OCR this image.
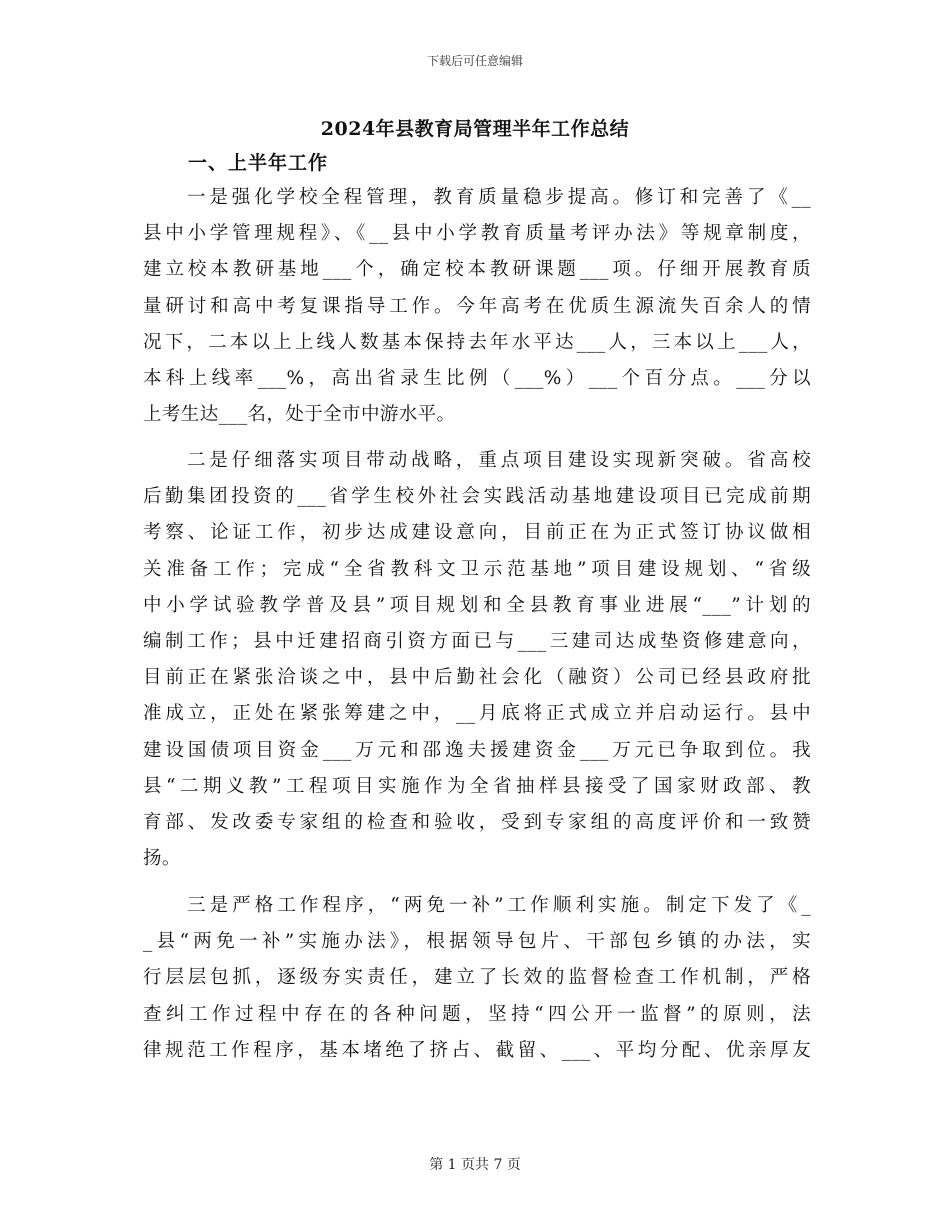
下载后可任意编辑
2024年县教育局管理半年工作总结
一、上半年工作

一是强化学校全程管理，教育质量稳步提高。修订和完善了《__
县中小学管理规程》、《__县中小学教育质量考评办法》等规章制度，
建立校本教研基地___个，确定校本教研课题___项。仔细开展教育质
量研讨和高中考复课指导工作。今年高考在优质生源流失百余人的情
况下，二本以上上线人数基本保持去年水平达___人，三本以上___人，
本科上线率___%，高出省录生比例（___%）___个百分点。___分以
上考生达___名，处于全市中游水平。

二是仔细落实项目带动战略，重点项目建设实现新突破。省高校
后勤集团投资的___省学生校外社会实践活动基地建设项目已完成前期
考察、论证工作，初步达成建设意向，目前正在为正式签订协议做相
关准备工作；完成“全省教科文卫示范基地”项目建设规划、“省级
中小学试验教学普及县”项目规划和全县教育事业进展“___”计划的
编制工作；县中迁建招商引资方面已与___三建司达成垫资修建意向，
目前正在紧张洽谈之中，县中后勤社会化（融资）公司已经县政府批
准成立，正处在紧张筹建之中，__月底将正式成立并启动运行。县中
建设国债项目资金___万元和邵逸夫援建资金___万元已争取到位。我
县“二期义教”工程项目实施作为全省抽样县接受了国家财政部、教
育部、发改委专家组的检查和验收，受到专家组的高度评价和一致赞
扬。

三是严格工作程序，“两免一补”工作顺利实施。制定下发了《_
_县“两免一补”实施办法》，根据领导包片、干部包乡镇的办法，实
行层层包抓，逐级夯实责任，建立了长效的监督检查工作机制，严格
查纠工作过程中存在的各种问题，坚持“四公开一监督”的原则，法
律规范工作程序，基本堵绝了挤占、截留、___、平均分配、优亲厚友

第 1 页共 7 页
